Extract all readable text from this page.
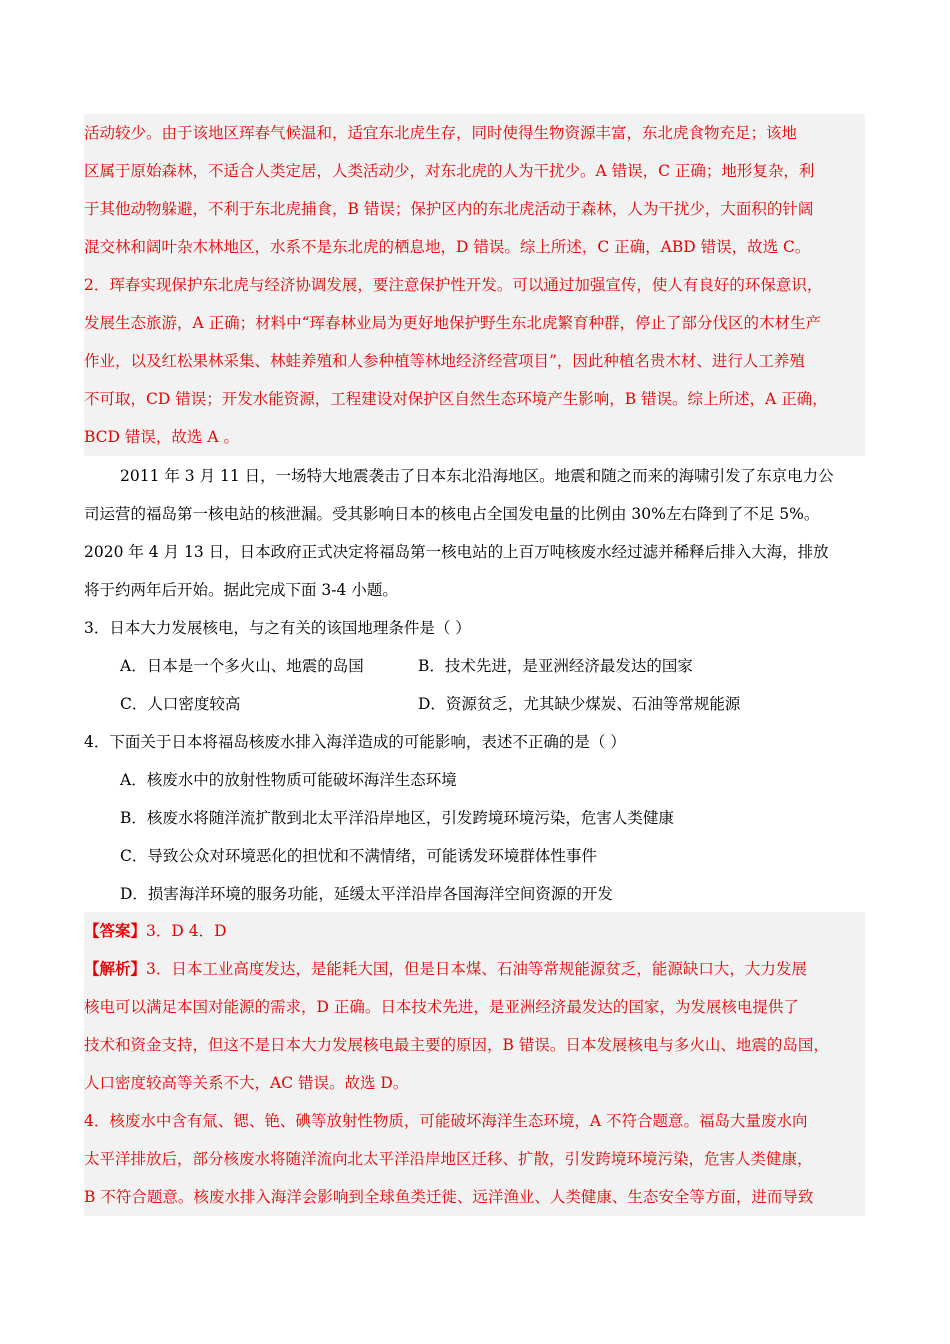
活动较少。由于该地区珲春气候温和，适宜东北虎生存，同时使得生物资源丰富，东北虎食物充足；该地

区属于原始森林，不适合人类定居，人类活动少，对东北虎的人为干扰少。A 错误，C 正确；地形复杂，利

于其他动物躲避，不利于东北虎捕食，B 错误；保护区内的东北虎活动于森林，人为干扰少，大面积的针阔

混交林和阔叶杂木林地区，水系不是东北虎的栖息地，D 错误。综上所述，C 正确，ABD 错误，故选 C。

2．珲春实现保护东北虎与经济协调发展，要注意保护性开发。可以通过加强宣传，使人有良好的环保意识，

发展生态旅游，A 正确；材料中“珲春林业局为更好地保护野生东北虎繁育种群，停止了部分伐区的木材生产

作业，以及红松果林采集、林蛙养殖和人参种植等林地经济经营项目”，因此种植名贵木材、进行人工养殖

不可取，CD 错误；开发水能资源，工程建设对保护区自然生态环境产生影响，B 错误。综上所述，A 正确，

BCD 错误，故选 A 。

2011 年 3 月 11 日，一场特大地震袭击了日本东北沿海地区。地震和随之而来的海啸引发了东京电力公

司运营的福岛第一核电站的核泄漏。受其影响日本的核电占全国发电量的比例由 30%左右降到了不足 5%。

2020 年 4 月 13 日，日本政府正式决定将福岛第一核电站的上百万吨核废水经过滤并稀释后排入大海，排放

将于约两年后开始。据此完成下面 3-4 小题。

3．日本大力发展核电，与之有关的该国地理条件是（ ）

A．日本是一个多火山、地震的岛国	B．技术先进，是亚洲经济最发达的国家

C．人口密度较高	D．资源贫乏，尤其缺少煤炭、石油等常规能源

4．下面关于日本将福岛核废水排入海洋造成的可能影响，表述不正确的是（ ）

A．核废水中的放射性物质可能破坏海洋生态环境

B．核废水将随洋流扩散到北太平洋沿岸地区，引发跨境环境污染，危害人类健康

C．导致公众对环境恶化的担忧和不满情绪，可能诱发环境群体性事件

D．损害海洋环境的服务功能，延缓太平洋沿岸各国海洋空间资源的开发

【答案】3．D 4．D

【解析】3．日本工业高度发达，是能耗大国，但是日本煤、石油等常规能源贫乏，能源缺口大，大力发展

核电可以满足本国对能源的需求，D 正确。日本技术先进，是亚洲经济最发达的国家，为发展核电提供了

技术和资金支持，但这不是日本大力发展核电最主要的原因，B 错误。日本发展核电与多火山、地震的岛国，

人口密度较高等关系不大，AC 错误。故选 D。

4．核废水中含有氚、锶、铯、碘等放射性物质，可能破坏海洋生态环境，A 不符合题意。福岛大量废水向

太平洋排放后，部分核废水将随洋流向北太平洋沿岸地区迁移、扩散，引发跨境环境污染，危害人类健康，

B 不符合题意。核废水排入海洋会影响到全球鱼类迁徙、远洋渔业、人类健康、生态安全等方面，进而导致
